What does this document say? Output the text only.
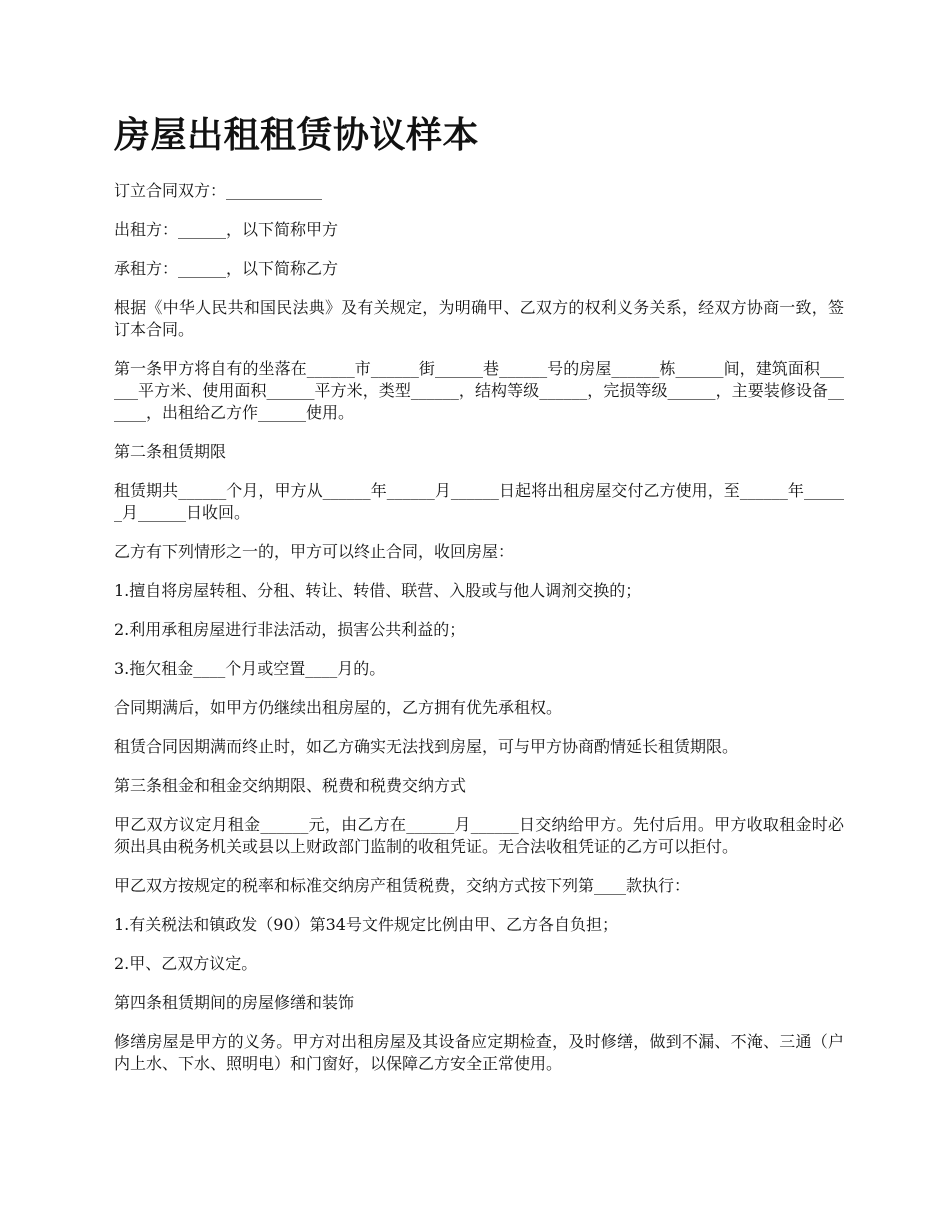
房屋出租租赁协议样本

订立合同双方：____________

出租方：______，以下简称甲方

承租方：______，以下简称乙方

根据《中华人民共和国民法典》及有关规定，为明确甲、乙双方的权利义务关系，经双方协商一致，签订本合同。

第一条甲方将自有的坐落在______市______街______巷______号的房屋______栋______间，建筑面积______平方米、使用面积______平方米，类型______，结构等级______，完损等级______，主要装修设备______，出租给乙方作______使用。

第二条租赁期限

租赁期共______个月，甲方从______年______月______日起将出租房屋交付乙方使用，至______年______月______日收回。

乙方有下列情形之一的，甲方可以终止合同，收回房屋：

1.擅自将房屋转租、分租、转让、转借、联营、入股或与他人调剂交换的；

2.利用承租房屋进行非法活动，损害公共利益的；

3.拖欠租金____个月或空置____月的。

合同期满后，如甲方仍继续出租房屋的，乙方拥有优先承租权。

租赁合同因期满而终止时，如乙方确实无法找到房屋，可与甲方协商酌情延长租赁期限。

第三条租金和租金交纳期限、税费和税费交纳方式

甲乙双方议定月租金______元，由乙方在______月______日交纳给甲方。先付后用。甲方收取租金时必须出具由税务机关或县以上财政部门监制的收租凭证。无合法收租凭证的乙方可以拒付。

甲乙双方按规定的税率和标准交纳房产租赁税费，交纳方式按下列第____款执行：

1.有关税法和镇政发（90）第34号文件规定比例由甲、乙方各自负担；

2.甲、乙双方议定。

第四条租赁期间的房屋修缮和装饰

修缮房屋是甲方的义务。甲方对出租房屋及其设备应定期检查，及时修缮，做到不漏、不淹、三通（户内上水、下水、照明电）和门窗好，以保障乙方安全正常使用。
